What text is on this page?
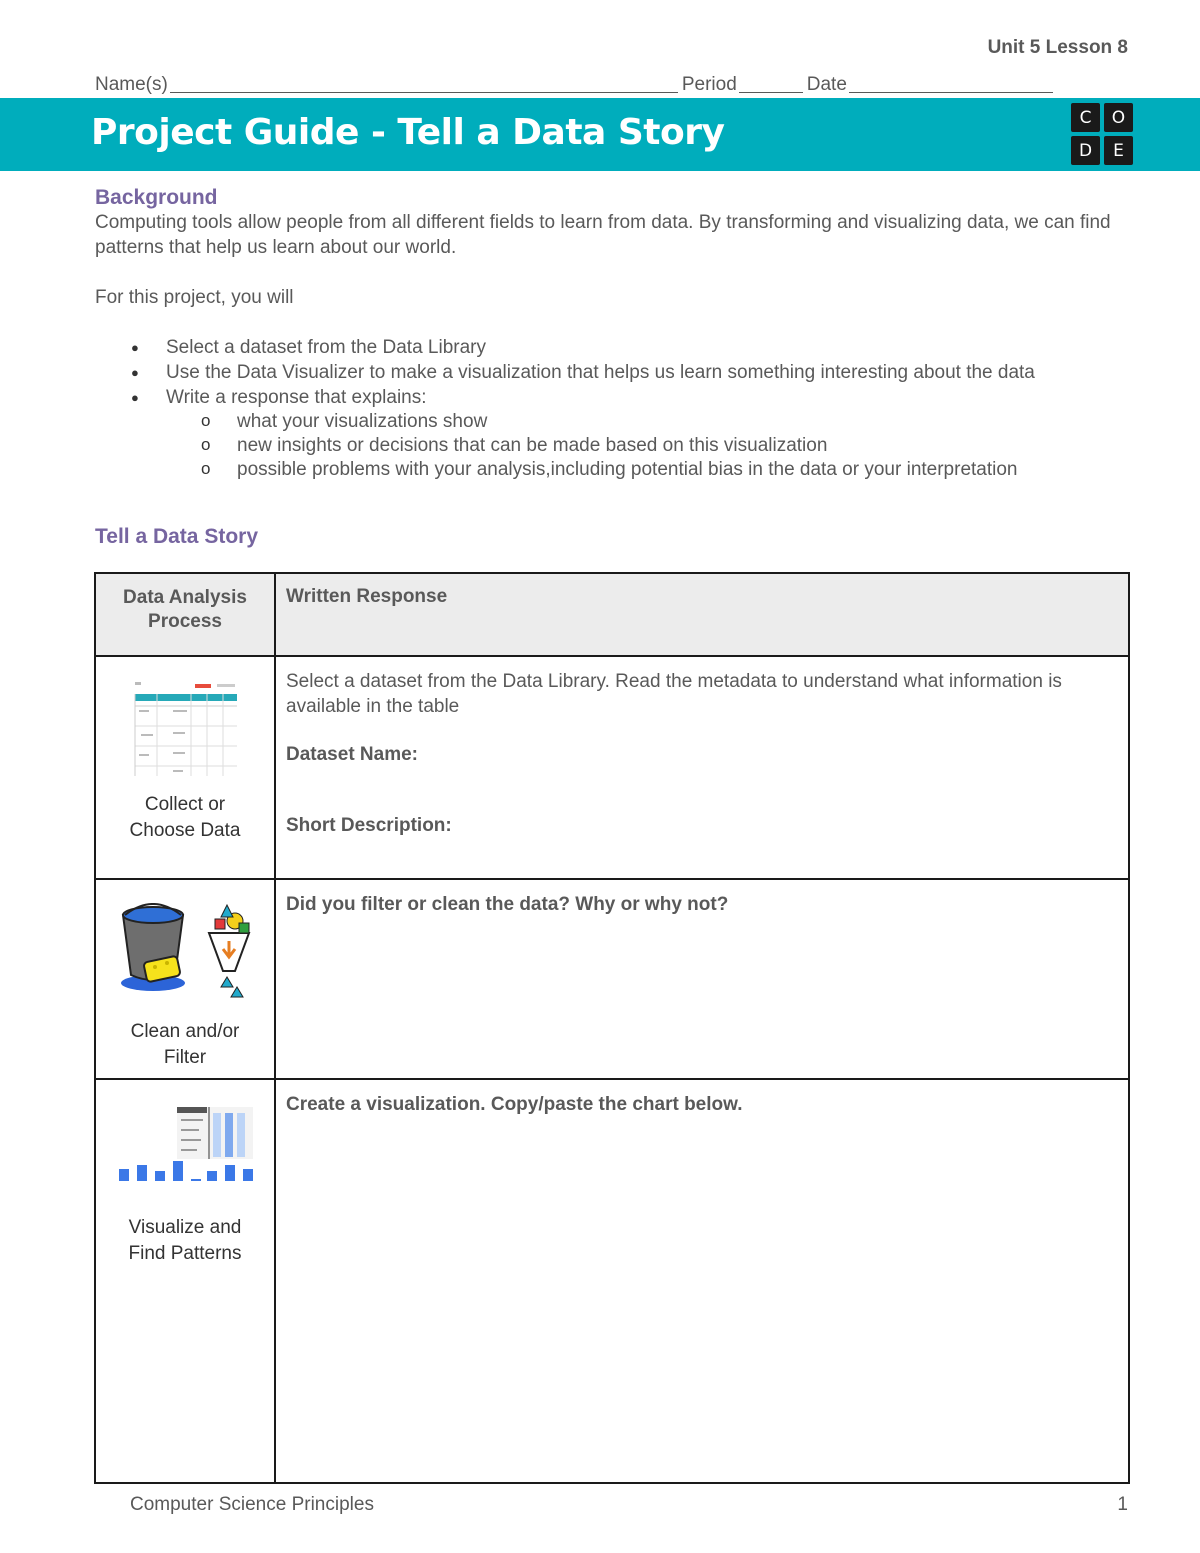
Unit 5 Lesson 8
Name(s)	Period	Date
Project Guide - Tell a Data Story	C	O
D	E
Background
Computing tools allow people from all different fields to learn from data. By transforming and visualizing data, we can find patterns that help us learn about our world.
For this project, you will
● Select a dataset from the Data Library
● Use the Data Visualizer to make a visualization that helps us learn something interesting about the data
● Write a response that explains:
o what your visualizations show
o new insights or decisions that can be made based on this visualization
o possible problems with your analysis,including potential bias in the data or your interpretation
Tell a Data Story
Data Analysis Process	Written Response

Collect or Choose Data	Select a dataset from the Data Library. Read the metadata to understand what information is available in the table
Dataset Name:
Short Description:

Clean and/or Filter	Did you filter or clean the data? Why or why not?

Visualize and Find Patterns	Create a visualization. Copy/paste the chart below.
Computer Science Principles	1
